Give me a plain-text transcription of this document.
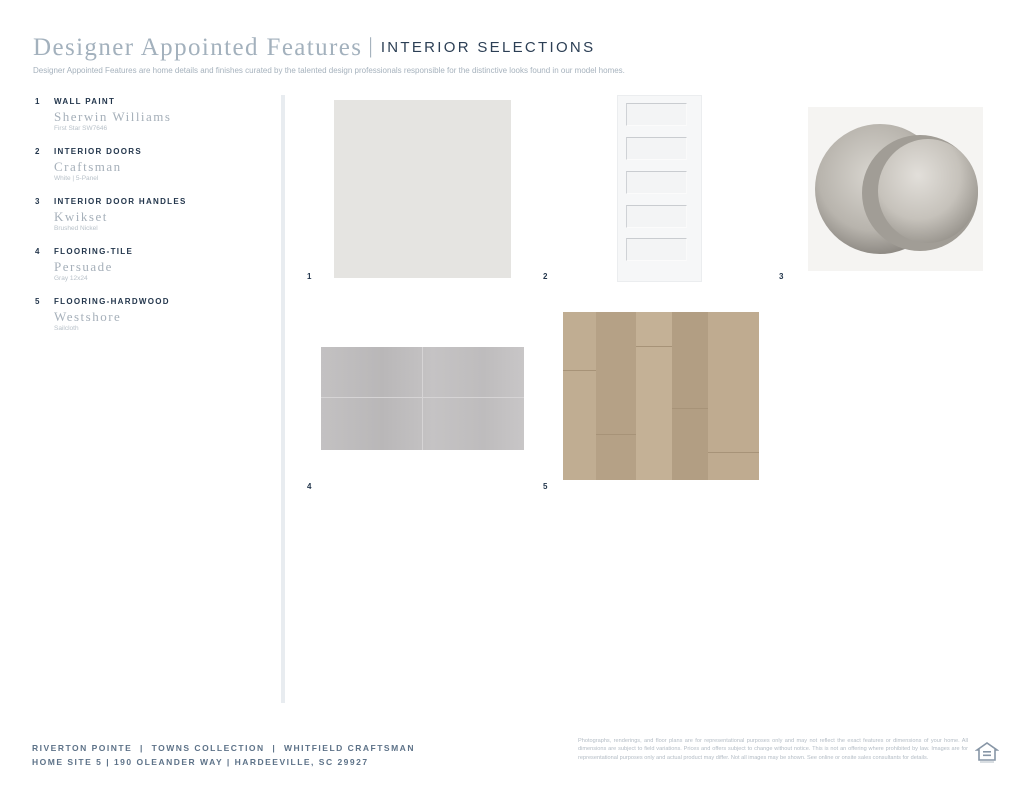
Designer Appointed Features | INTERIOR SELECTIONS
Designer Appointed Features are home details and finishes curated by the talented design professionals responsible for the distinctive looks found in our model homes.
1	WALL PAINT
Sherwin Williams
First Star SW7646
2	INTERIOR DOORS
Craftsman
White | 5-Panel
3	INTERIOR DOOR HANDLES
Kwikset
Brushed Nickel
4	FLOORING-TILE
Persuade
Gray 12x24
5	FLOORING-HARDWOOD
Westshore
Sailcloth
1	2	3
4	5
RIVERTON POINTE  |  TOWNS COLLECTION  |  WHITFIELD CRAFTSMAN
HOME SITE 5 | 190 OLEANDER WAY | HARDEEVILLE, SC 29927
Photographs, renderings, and floor plans are for representational purposes only and may not reflect the exact features or dimensions of your home. All dimensions are subject to field variations. Prices and offers subject to change without notice. This is not an offering where prohibited by law. Images are for representational purposes only and actual product may differ. Not all images may be shown. See online or onsite sales consultants for details.
